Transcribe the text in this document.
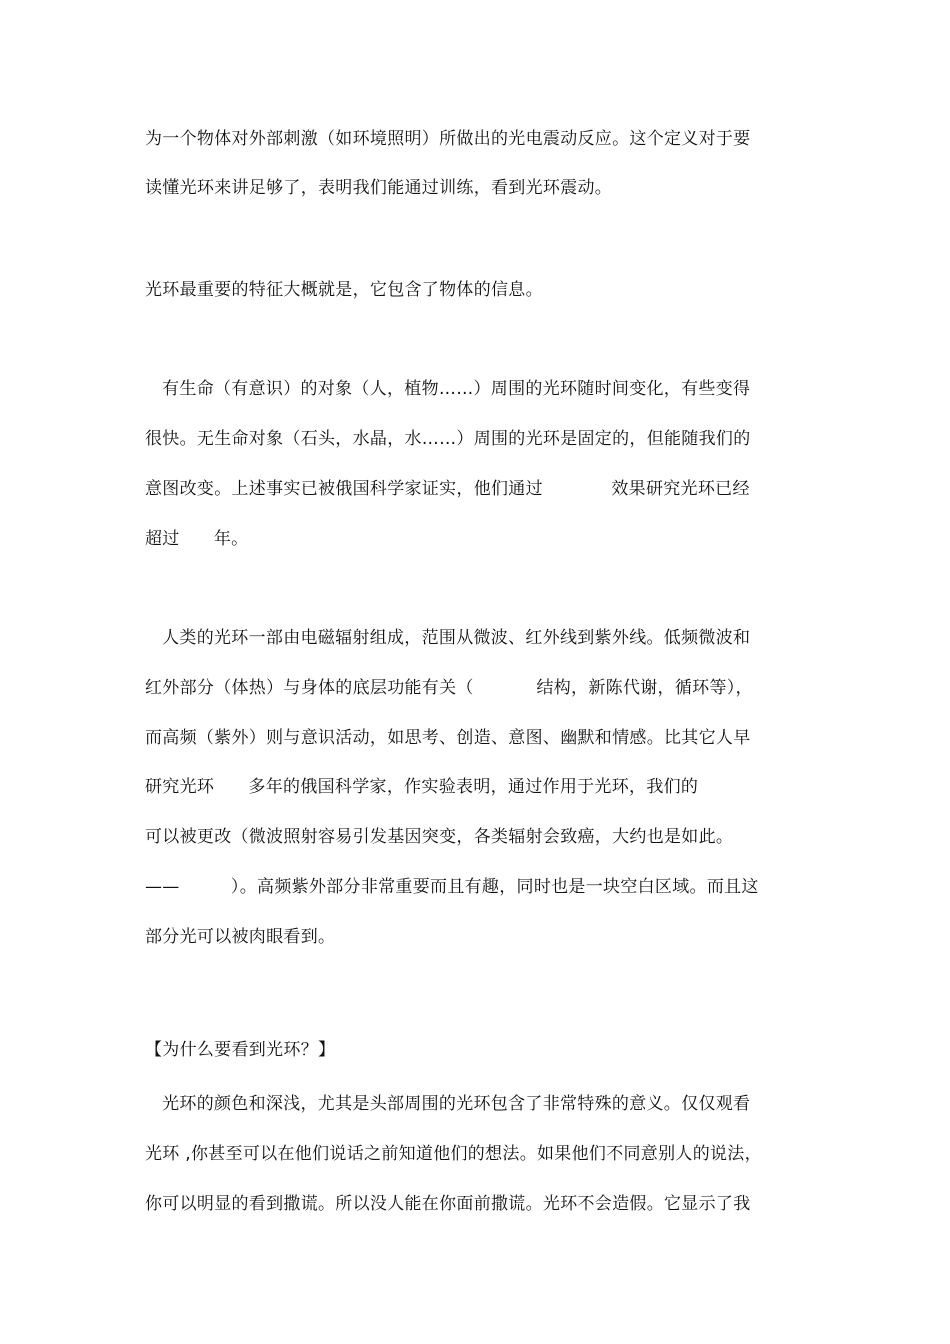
为一个物体对外部刺激（如环境照明）所做出的光电震动反应。这个定义对于要
读懂光环来讲足够了，表明我们能通过训练，看到光环震动。
光环最重要的特征大概就是，它包含了物体的信息。
有生命（有意识）的对象（人，植物……）周围的光环随时间变化，有些变得
很快。无生命对象（石头，水晶，水……）周围的光环是固定的，但能随我们的
意图改变。上述事实已被俄国科学家证实，他们通过            效果研究光环已经
超过      年。
人类的光环一部由电磁辐射组成，范围从微波、红外线到紫外线。低频微波和
红外部分（体热）与身体的底层功能有关（           结构，新陈代谢，循环等），
而高频（紫外）则与意识活动，如思考、创造、意图、幽默和情感。比其它人早
研究光环      多年的俄国科学家，作实验表明，通过作用于光环，我们的
可以被更改（微波照射容易引发基因突变，各类辐射会致癌，大约也是如此。
——         ）。高频紫外部分非常重要而且有趣，同时也是一块空白区域。而且这
部分光可以被肉眼看到。
【为什么要看到光环？】
光环的颜色和深浅，尤其是头部周围的光环包含了非常特殊的意义。仅仅观看
光环 ,你甚至可以在他们说话之前知道他们的想法。如果他们不同意别人的说法，
你可以明显的看到撒谎。所以没人能在你面前撒谎。光环不会造假。它显示了我
